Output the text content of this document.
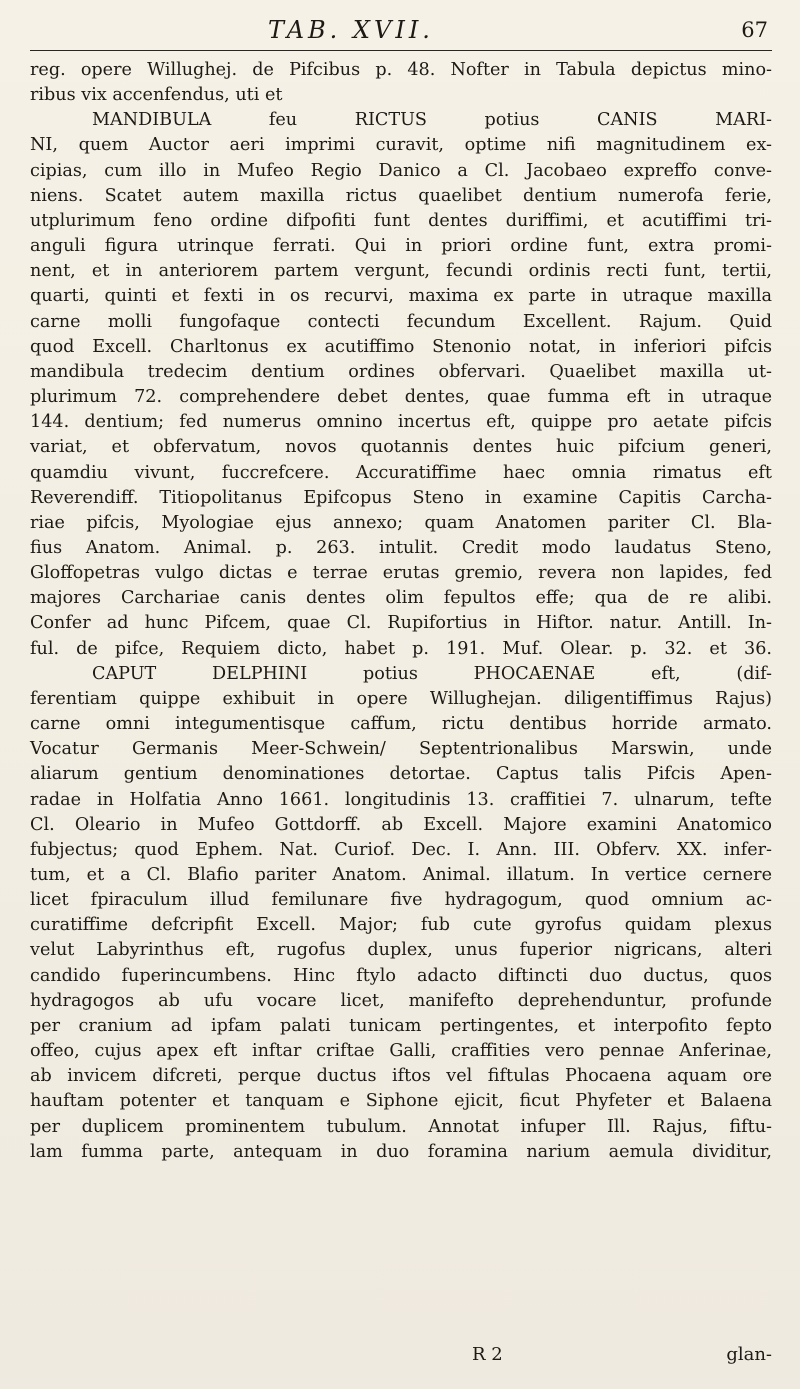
TAB. XVII.	67
reg. opere Willughej. de Pifcibus p. 48. Nofter in Tabula depictus mino-
ribus vix accenfendus, uti et
MANDIBULA feu RICTUS potius CANIS MARI-
NI, quem Auctor aeri imprimi curavit, optime nifi magnitudinem ex-
cipias, cum illo in Mufeo Regio Danico a Cl. Jacobaeo expreffo conve-
niens. Scatet autem maxilla rictus quaelibet dentium numerofa ferie,
utplurimum feno ordine difpofiti funt dentes duriffimi, et acutiffimi tri-
anguli figura utrinque ferrati. Qui in priori ordine funt, extra promi-
nent, et in anteriorem partem vergunt, fecundi ordinis recti funt, tertii,
quarti, quinti et fexti in os recurvi, maxima ex parte in utraque maxilla
carne molli fungofaque contecti fecundum Excellent. Rajum. Quid
quod Excell. Charltonus ex acutiffimo Stenonio notat, in inferiori pifcis
mandibula tredecim dentium ordines obfervari. Quaelibet maxilla ut-
plurimum 72. comprehendere debet dentes, quae fumma eft in utraque
144. dentium; fed numerus omnino incertus eft, quippe pro aetate pifcis
variat, et obfervatum, novos quotannis dentes huic pifcium generi,
quamdiu vivunt, fuccrefcere. Accuratiffime haec omnia rimatus eft
Reverendiff. Titiopolitanus Epifcopus Steno in examine Capitis Carcha-
riae pifcis, Myologiae ejus annexo; quam Anatomen pariter Cl. Bla-
fius Anatom. Animal. p. 263. intulit. Credit modo laudatus Steno,
Gloffopetras vulgo dictas e terrae erutas gremio, revera non lapides, fed
majores Carchariae canis dentes olim fepultos effe; qua de re alibi.
Confer ad hunc Pifcem, quae Cl. Rupifortius in Hiftor. natur. Antill. In-
ful. de pifce, Requiem dicto, habet p. 191. Muf. Olear. p. 32. et 36.
CAPUT DELPHINI potius PHOCAENAE eft, (dif-
ferentiam quippe exhibuit in opere Willughejan. diligentiffimus Rajus)
carne omni integumentisque caffum, rictu dentibus horride armato.
Vocatur Germanis Meer-Schwein/ Septentrionalibus Marswin, unde
aliarum gentium denominationes detortae. Captus talis Pifcis Apen-
radae in Holfatia Anno 1661. longitudinis 13. craffitiei 7. ulnarum, tefte
Cl. Oleario in Mufeo Gottdorff. ab Excell. Majore examini Anatomico
fubjectus; quod Ephem. Nat. Curiof. Dec. I. Ann. III. Obferv. XX. infer-
tum, et a Cl. Blafio pariter Anatom. Animal. illatum. In vertice cernere
licet fpiraculum illud femilunare five hydragogum, quod omnium ac-
curatiffime defcripfit Excell. Major; fub cute gyrofus quidam plexus
velut Labyrinthus eft, rugofus duplex, unus fuperior nigricans, alteri
candido fuperincumbens. Hinc ftylo adacto diftincti duo ductus, quos
hydragogos ab ufu vocare licet, manifefto deprehenduntur, profunde
per cranium ad ipfam palati tunicam pertingentes, et interpofito fepto
offeo, cujus apex eft inftar criftae Galli, craffities vero pennae Anferinae,
ab invicem difcreti, perque ductus iftos vel fiftulas Phocaena aquam ore
hauftam potenter et tanquam e Siphone ejicit, ficut Phyfeter et Balaena
per duplicem prominentem tubulum. Annotat infuper Ill. Rajus, fiftu-
lam fumma parte, antequam in duo foramina narium aemula dividitur,
R 2	glan-
